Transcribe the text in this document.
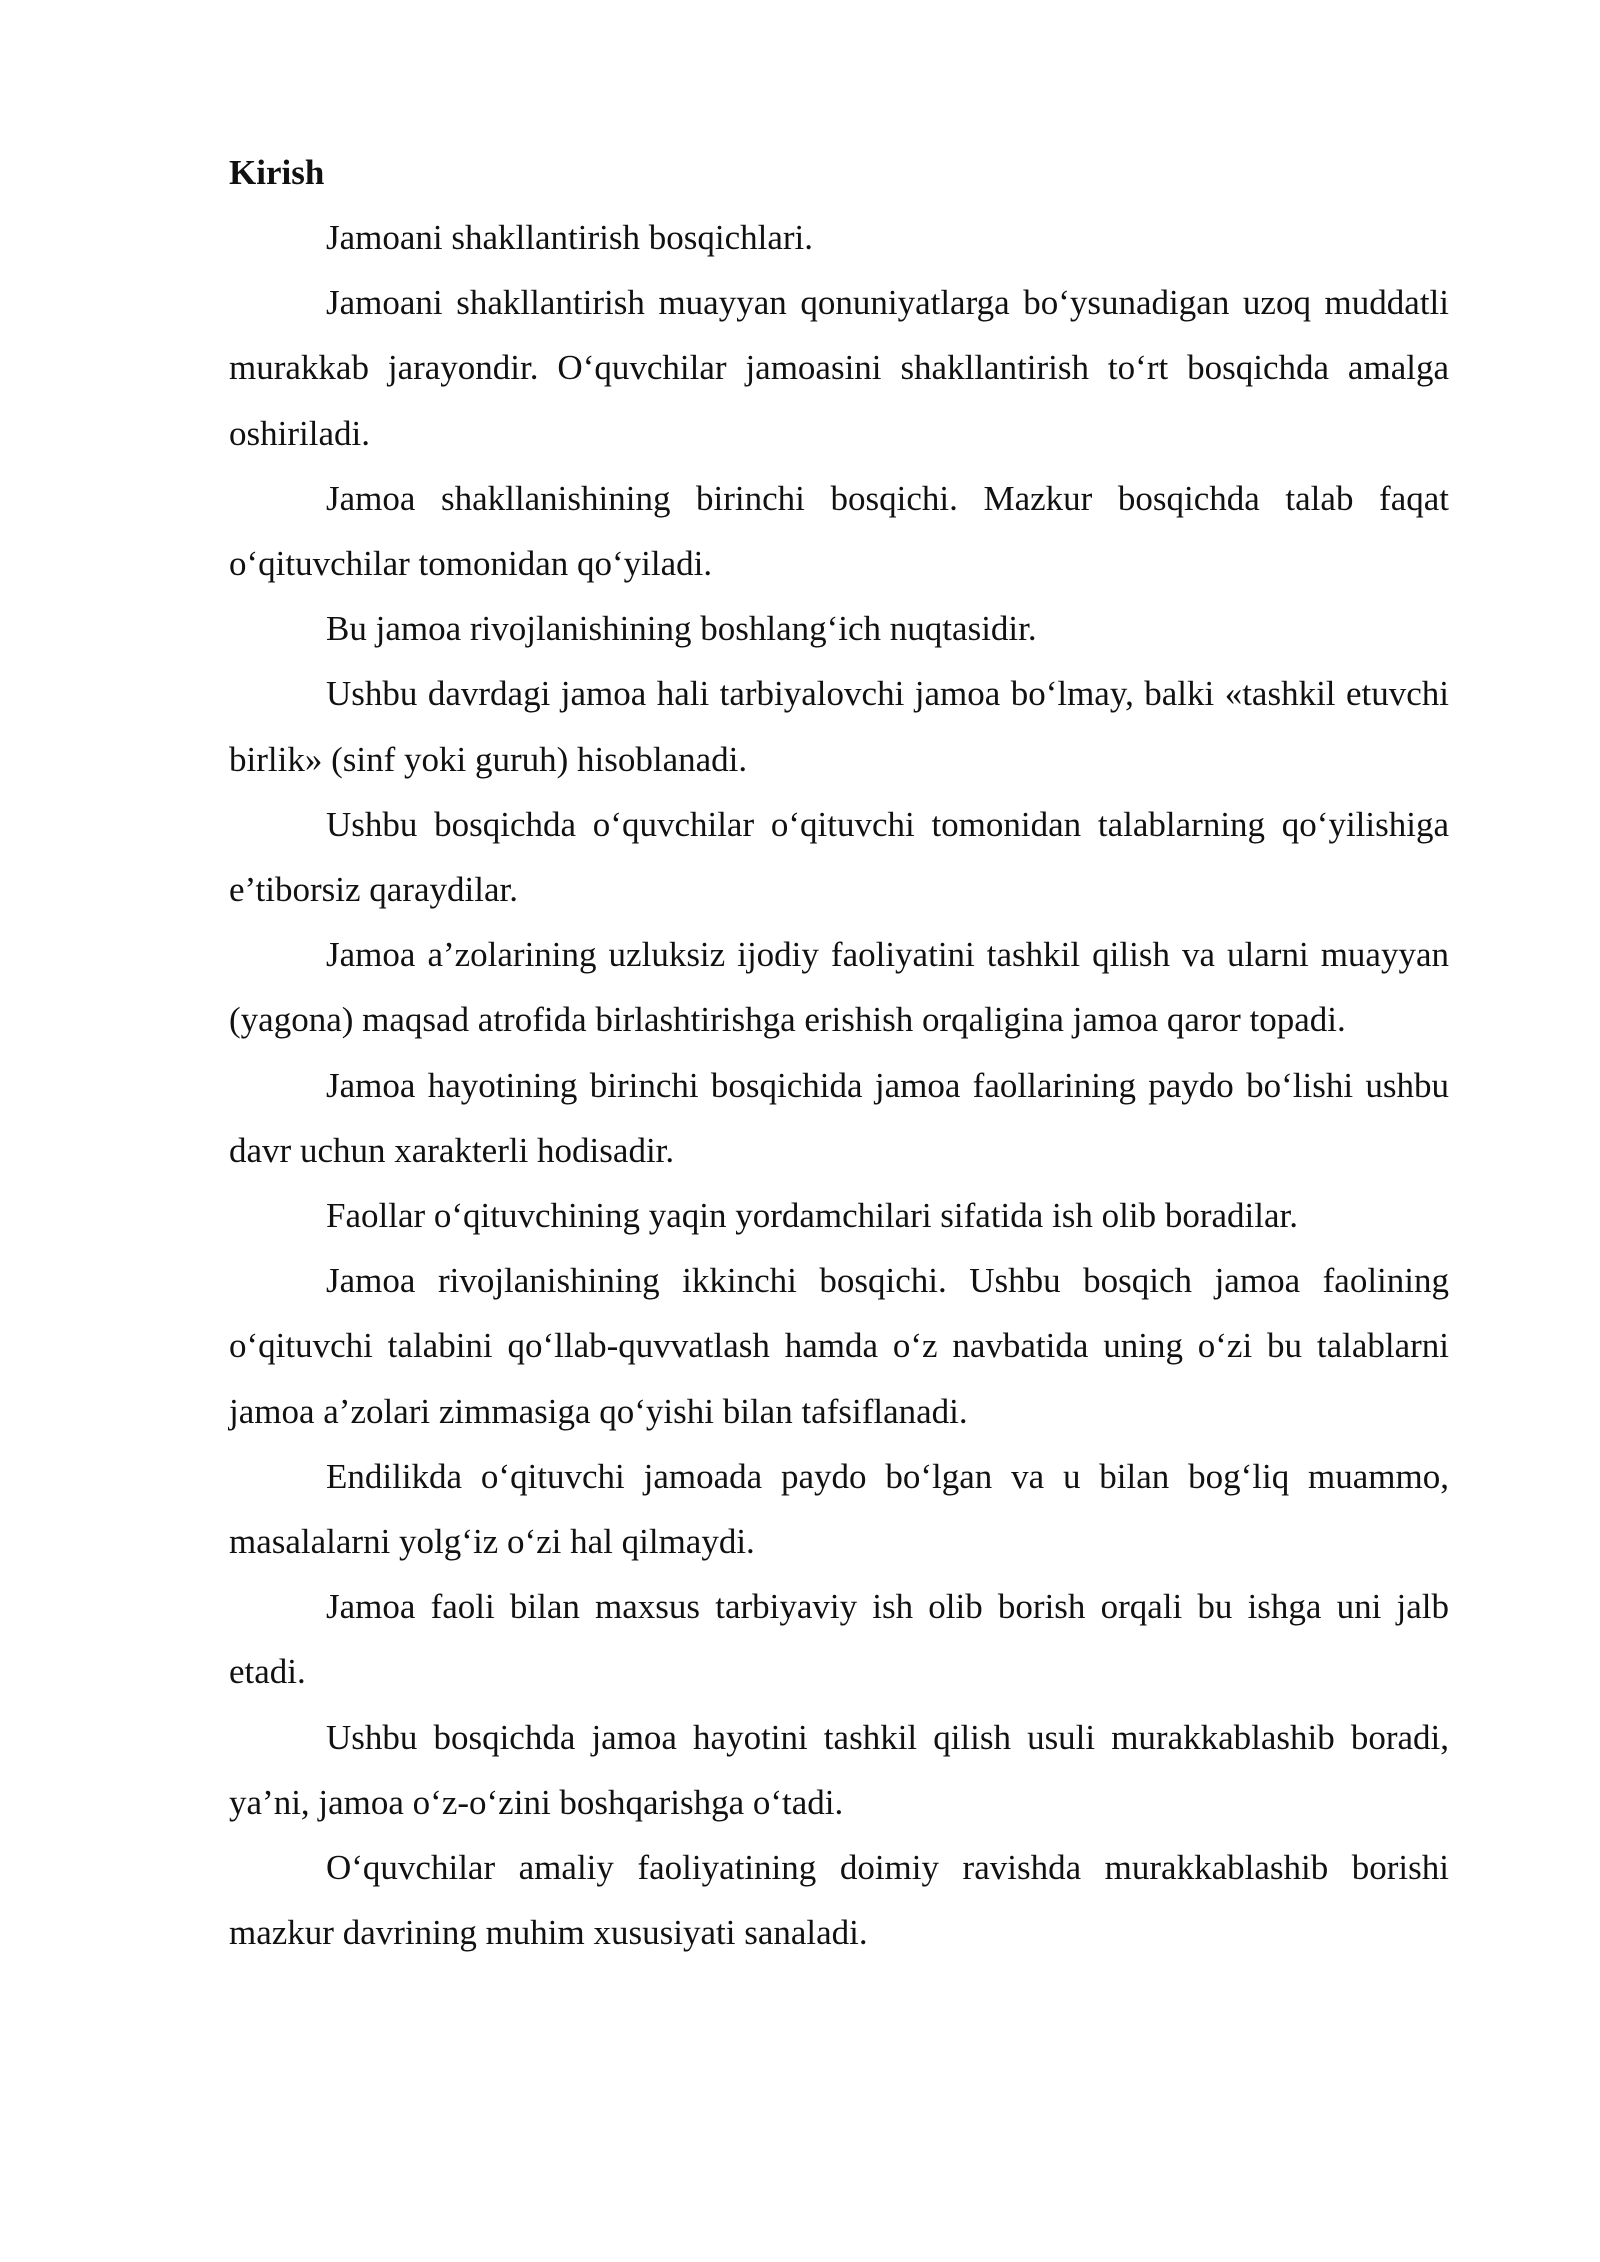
Kirish

Jamoani shakllantirish bosqichlari.

Jamoani shakllantirish muayyan qonuniyatlarga bo‘ysunadigan uzoq muddatli murakkab jarayondir. O‘quvchilar jamoasini shakllantirish to‘rt bosqichda amalga oshiriladi.

Jamoa shakllanishining birinchi bosqichi. Mazkur bosqichda talab faqat o‘qituvchilar tomonidan qo‘yiladi.

Bu jamoa rivojlanishining boshlang‘ich nuqtasidir.

Ushbu davrdagi jamoa hali tarbiyalovchi jamoa bo‘lmay, balki «tashkil etuvchi birlik» (sinf yoki guruh) hisoblanadi.

Ushbu bosqichda o‘quvchilar o‘qituvchi tomonidan talablarning qo‘yilishiga e’tiborsiz qaraydilar.

Jamoa a’zolarining uzluksiz ijodiy faoliyatini tashkil qilish va ularni muayyan (yagona) maqsad atrofida birlashtirishga erishish orqaligina jamoa qaror topadi.

Jamoa hayotining birinchi bosqichida jamoa faollarining paydo bo‘lishi ushbu davr uchun xarakterli hodisadir.

Faollar o‘qituvchining yaqin yordamchilari sifatida ish olib boradilar.

Jamoa rivojlanishining ikkinchi bosqichi. Ushbu bosqich jamoa faolining o‘qituvchi talabini qo‘llab-quvvatlash hamda o‘z navbatida uning o‘zi bu talablarni jamoa a’zolari zimmasiga qo‘yishi bilan tafsiflanadi.

Endilikda o‘qituvchi jamoada paydo bo‘lgan va u bilan bog‘liq muammo, masalalarni yolg‘iz o‘zi hal qilmaydi.

Jamoa faoli bilan maxsus tarbiyaviy ish olib borish orqali bu ishga uni jalb etadi.

Ushbu bosqichda jamoa hayotini tashkil qilish usuli murakkablashib boradi, ya’ni, jamoa o‘z-o‘zini boshqarishga o‘tadi.

O‘quvchilar amaliy faoliyatining doimiy ravishda murakkablashib borishi mazkur davrining muhim xususiyati sanaladi.
